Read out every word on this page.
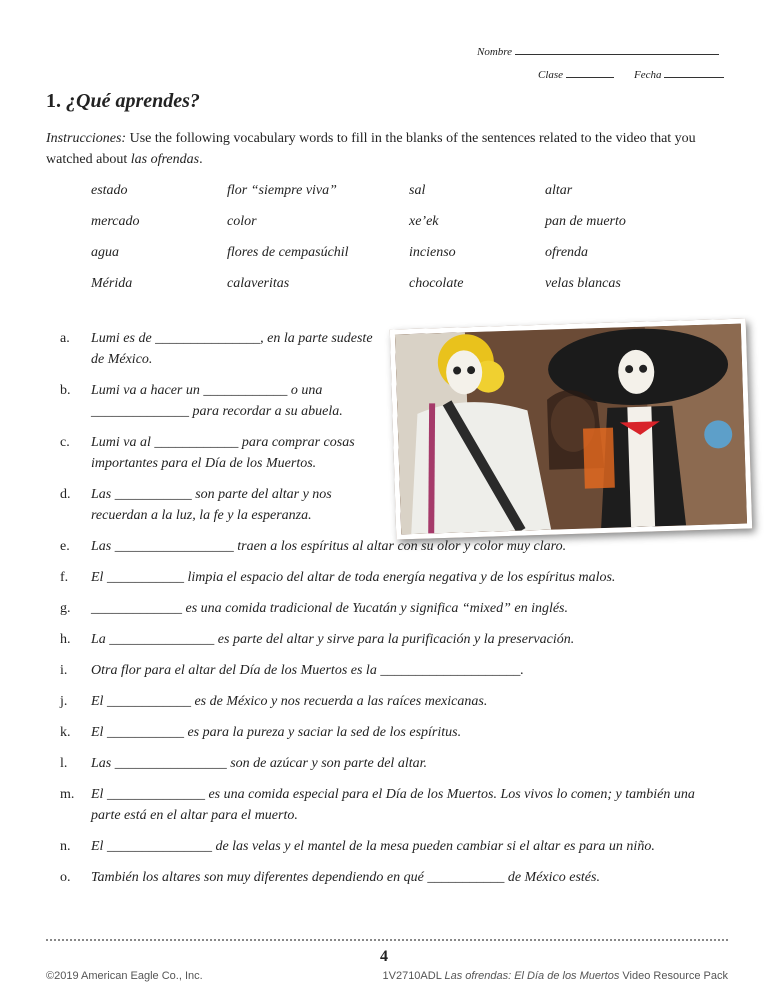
Nombre
Clase	Fecha
1. ¿Qué aprendes?
Instrucciones: Use the following vocabulary words to fill in the blanks of the sentences related to the video that you watched about las ofrendas.
estado	flor “siempre viva”	sal	altar
mercado	color	xe’ek	pan de muerto
agua	flores de cempasúchil	incienso	ofrenda
Mérida	calaveritas	chocolate	velas blancas
a. Lumi es de _______________, en la parte sudeste de México.
b. Lumi va a hacer un ____________ o una ______________ para recordar a su abuela.
c. Lumi va al ____________ para comprar cosas importantes para el Día de los Muertos.
d. Las ___________ son parte del altar y nos recuerdan a la luz, la fe y la esperanza.
e. Las _________________ traen a los espíritus al altar con su olor y color muy claro.
f. El ___________ limpia el espacio del altar de toda energía negativa y de los espíritus malos.
g. _____________ es una comida tradicional de Yucatán y significa “mixed” en inglés.
h. La _______________ es parte del altar y sirve para la purificación y la preservación.
i. Otra flor para el altar del Día de los Muertos es la ____________________.
j. El ____________ es de México y nos recuerda a las raíces mexicanas.
k. El ___________ es para la pureza y saciar la sed de los espíritus.
l. Las ________________ son de azúcar y son parte del altar.
m. El ______________ es una comida especial para el Día de los Muertos. Los vivos lo comen; y también una parte está en el altar para el muerto.
n. El _______________ de las velas y el mantel de la mesa pueden cambiar si el altar es para un niño.
o. También los altares son muy diferentes dependiendo en qué ___________ de México estés.
4
©2019 American Eagle Co., Inc.	1V2710ADL Las ofrendas: El Día de los Muertos Video Resource Pack
